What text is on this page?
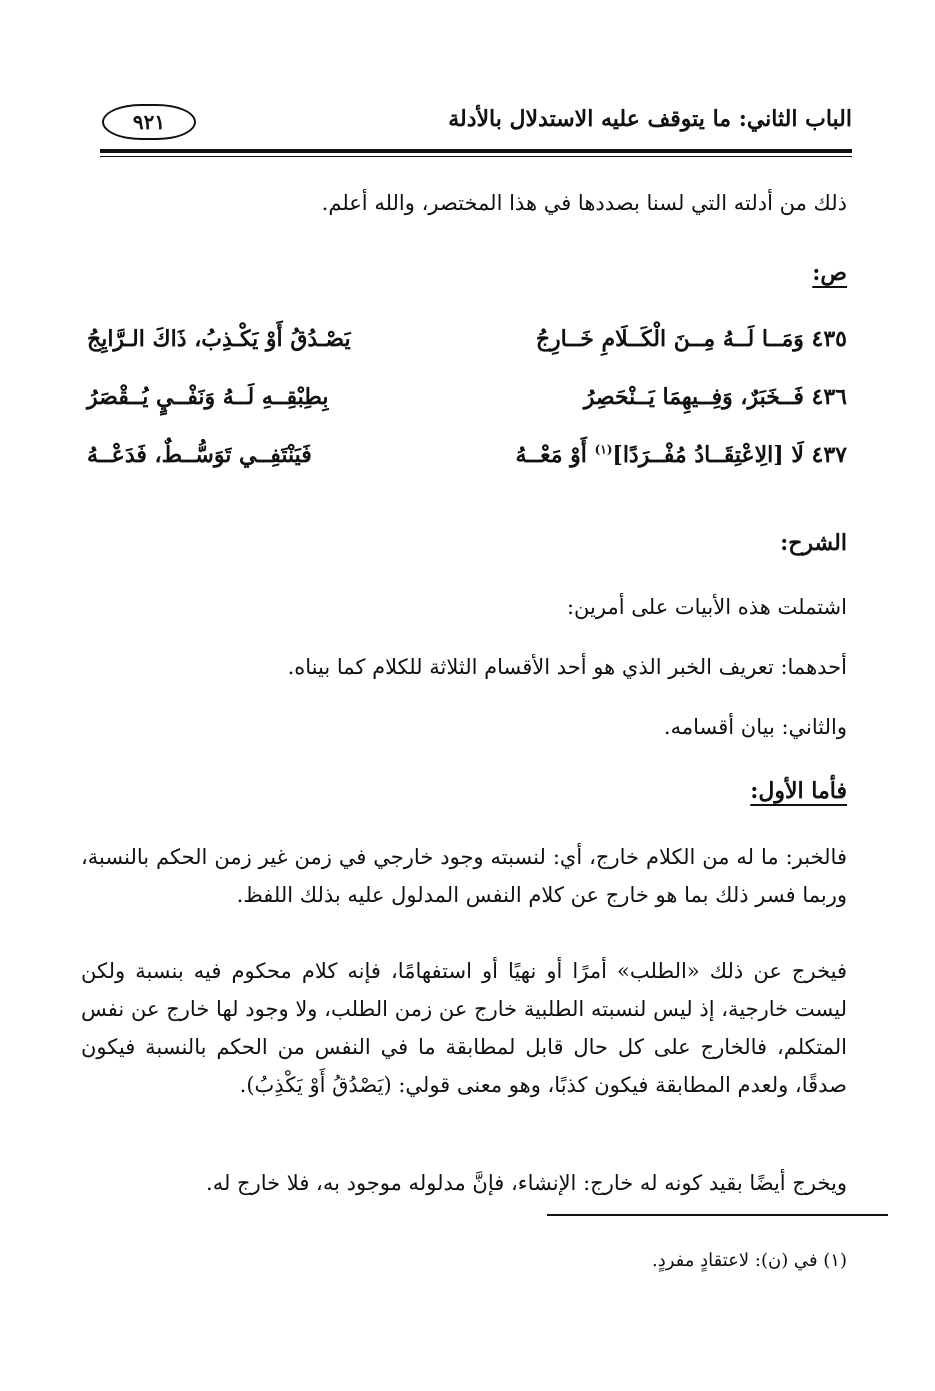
الباب الثاني: ما يتوقف عليه الاستدلال بالأدلة
٩٢١
ذلك من أدلته التي لسنا بصددها في هذا المختصر، والله أعلم.
ص:
٤٣٥ وَمَــا لَــهُ مِــنَ الْكَــلَامِ خَــارِجُ
يَصْـدُقُ أَوْ يَكْـذِبُ، ذَاكَ الـرَّايِجُ
٤٣٦ فَــخَبَرٌ، وَفِــيهِمَا يَــنْحَصِرُ
بِطِبْقِــهِ لَــهُ وَنَفْــيٍ يُــقْصَرُ
٤٣٧ لَا [الِاعْتِقَــادُ مُفْــرَدًا]$^{(١)}$ أَوْ مَعْــهُ
فَيَنْتَفِــي تَوَسُّــطٌ، فَدَعْــهُ
الشرح:
اشتملت هذه الأبيات على أمرين:
أحدهما: تعريف الخبر الذي هو أحد الأقسام الثلاثة للكلام كما بيناه.
والثاني: بيان أقسامه.
فأما الأول:
فالخبر: ما له من الكلام خارج، أي: لنسبته وجود خارجي في زمن غير زمن الحكم بالنسبة، وربما فسر ذلك بما هو خارج عن كلام النفس المدلول عليه بذلك اللفظ.
فيخرج عن ذلك «الطلب» أمرًا أو نهيًا أو استفهامًا، فإنه كلام محكوم فيه بنسبة ولكن ليست خارجية، إذ ليس لنسبته الطلبية خارج عن زمن الطلب، ولا وجود لها خارج عن نفس المتكلم، فالخارج على كل حال قابل لمطابقة ما في النفس من الحكم بالنسبة فيكون صدقًا، ولعدم المطابقة فيكون كذبًا، وهو معنى قولي: (يَصْدُقُ أَوْ يَكْذِبُ).
ويخرج أيضًا بقيد كونه له خارج: الإنشاء، فإنَّ مدلوله موجود به، فلا خارج له.
(١) في (ن): لاعتقادٍ مفردٍ.
